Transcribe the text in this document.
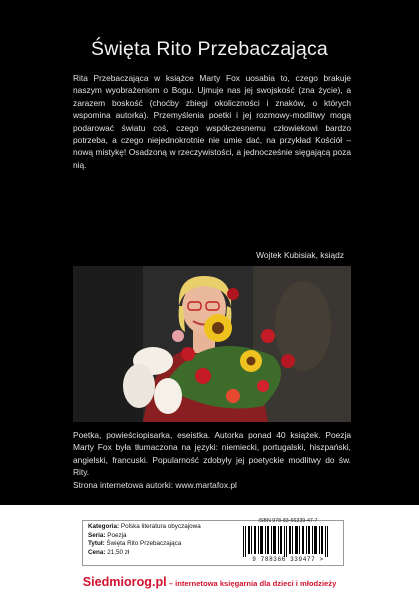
Święta Rito Przebaczająca

Rita Przebaczająca w książce Marty Fox uosabia to, czego brakuje naszym wyobrażeniom o Bogu. Ujmuje nas jej swojskość (zna życie), a zarazem boskość (choćby zbiegi okoliczności i znaków, o których wspomina autorka). Przemyślenia poetki i jej rozmowy-modlitwy mogą podarować światu coś, czego współczesnemu człowiekowi bardzo potrzeba, a czego niejednokrotnie nie umie dać, na przykład Kościół – nową mistykę! Osadzoną w rzeczywistości, a jednocześnie sięgającą poza nią.

Wojtek Kubisiak, ksiądz

Poetka, powieściopisarka, eseistka. Autorka ponad 40 książek. Poezja Marty Fox była tłumaczona na języki: niemiecki, portugalski, hiszpański, angielski, francuski. Popularność zdobyły jej poetyckie modlitwy do św. Rity.

Strona internetowa autorki: www.martafox.pl

Kategoria: Polska literatura obyczajowa
Seria: Poezja
Tytuł: Święta Rito Przebaczająca
Cena: 21,50 zł
ISBN 978-83-66339-47-7
9 788366 339477 >
Siedmiorog.pl – internetowa księgarnia dla dzieci i młodzieży
